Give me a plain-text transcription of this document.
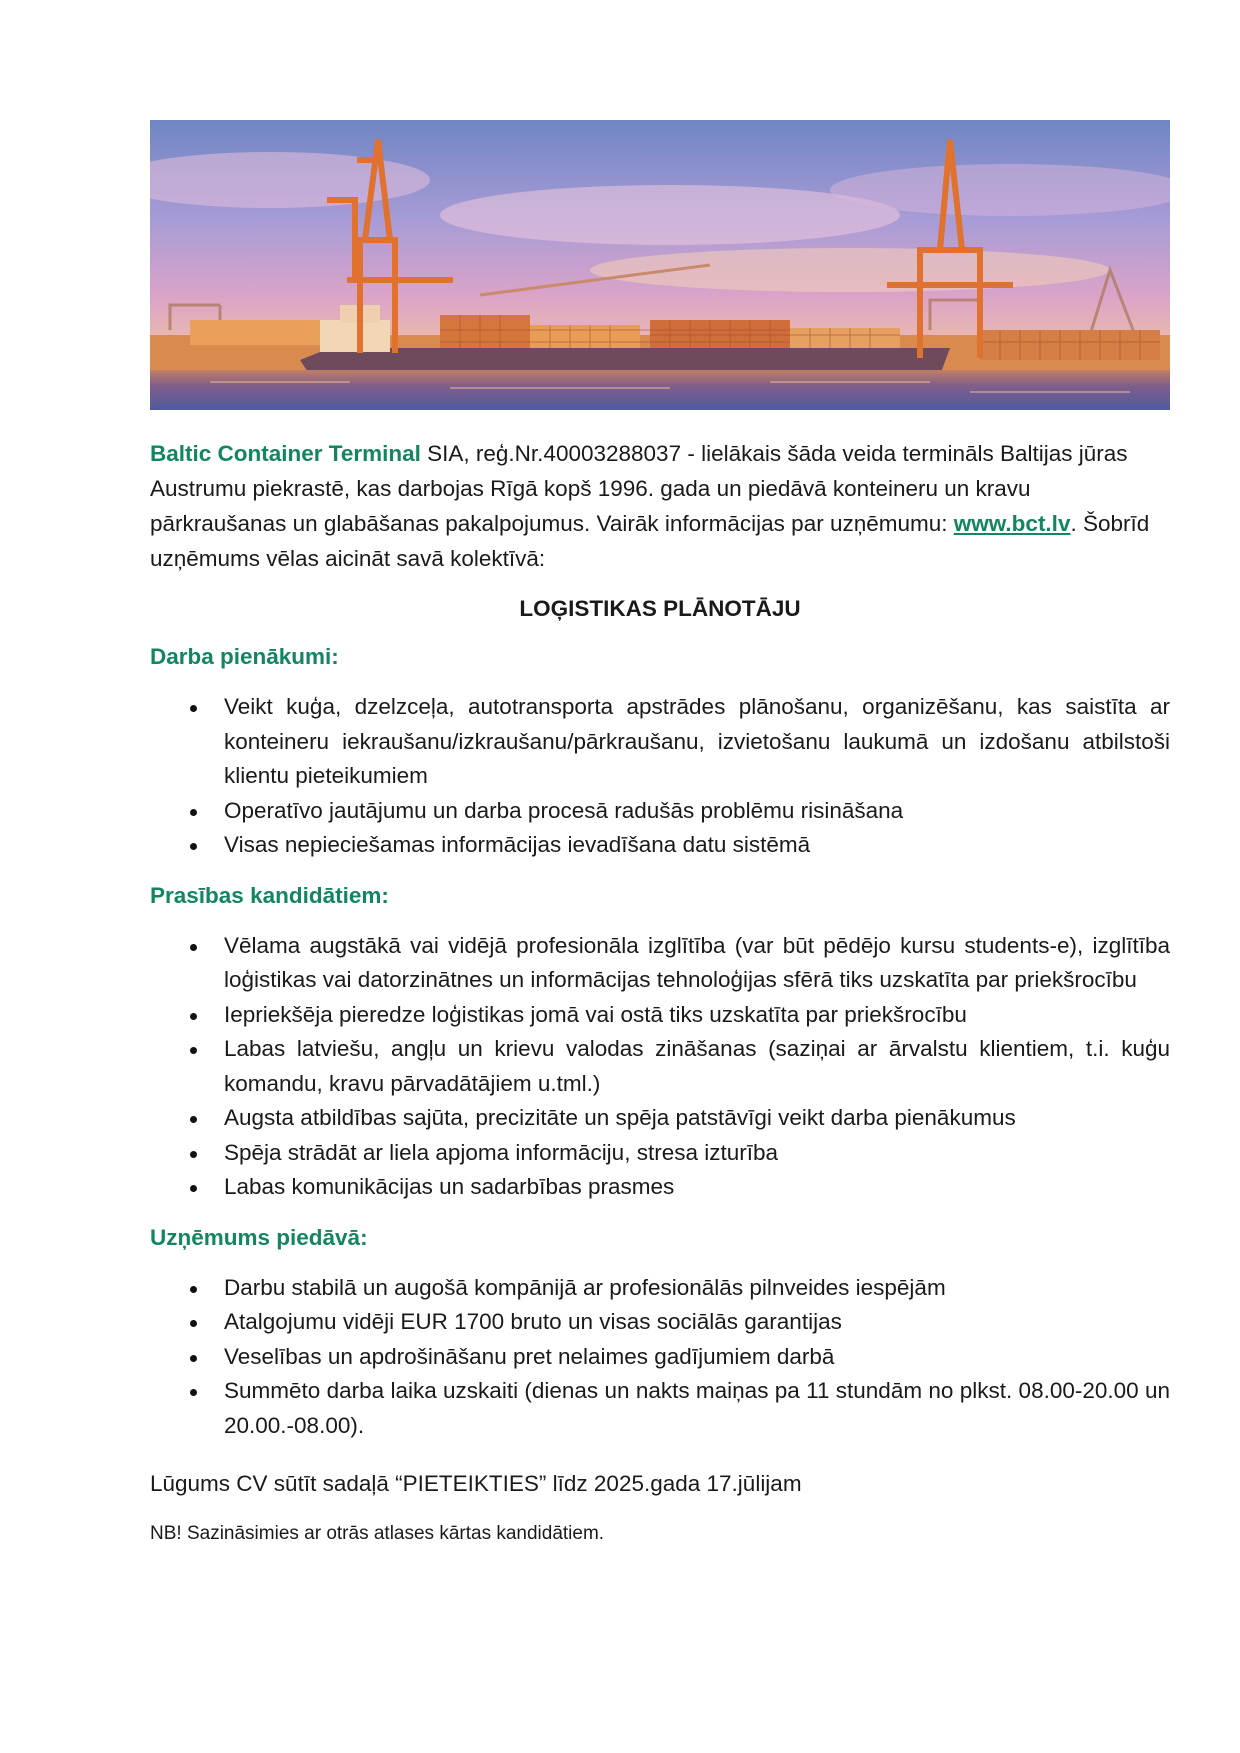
Baltic Container Terminal SIA, reģ.Nr.40003288037 - lielākais šāda veida termināls Baltijas jūras Austrumu piekrastē, kas darbojas Rīgā kopš 1996. gada un piedāvā konteineru un kravu pārkraušanas un glabāšanas pakalpojumus. Vairāk informācijas par uzņēmumu: www.bct.lv. Šobrīd uzņēmums vēlas aicināt savā kolektīvā:
LOĢISTIKAS PLĀNOTĀJU
Darba pienākumi:
Veikt kuģa, dzelzceļa, autotransporta apstrādes plānošanu, organizēšanu, kas saistīta ar konteineru iekraušanu/izkraušanu/pārkraušanu, izvietošanu laukumā un izdošanu atbilstoši klientu pieteikumiem
Operatīvo jautājumu un darba procesā radušās problēmu risināšana
Visas nepieciešamas informācijas ievadīšana datu sistēmā
Prasības kandidātiem:
Vēlama augstākā vai vidējā profesionāla izglītība (var būt pēdējo kursu students-e), izglītība loģistikas vai datorzinātnes un informācijas tehnoloģijas sfērā tiks uzskatīta par priekšrocību
Iepriekšēja pieredze loģistikas jomā vai ostā tiks uzskatīta par priekšrocību
Labas latviešu, angļu un krievu valodas zināšanas (saziņai ar ārvalstu klientiem, t.i. kuģu komandu, kravu pārvadātājiem u.tml.)
Augsta atbildības sajūta, precizitāte un spēja patstāvīgi veikt darba pienākumus
Spēja strādāt ar liela apjoma informāciju, stresa izturība
Labas komunikācijas un sadarbības prasmes
Uzņēmums piedāvā:
Darbu stabilā un augošā kompānijā ar profesionālās pilnveides iespējām
Atalgojumu vidēji EUR 1700 bruto un visas sociālās garantijas
Veselības un apdrošināšanu pret nelaimes gadījumiem darbā
Summēto darba laika uzskaiti (dienas un nakts maiņas pa 11 stundām no plkst. 08.00-20.00 un 20.00.-08.00).
Lūgums CV sūtīt sadaļā “PIETEIKTIES” līdz 2025.gada 17.jūlijam
NB! Sazināsimies ar otrās atlases kārtas kandidātiem.
